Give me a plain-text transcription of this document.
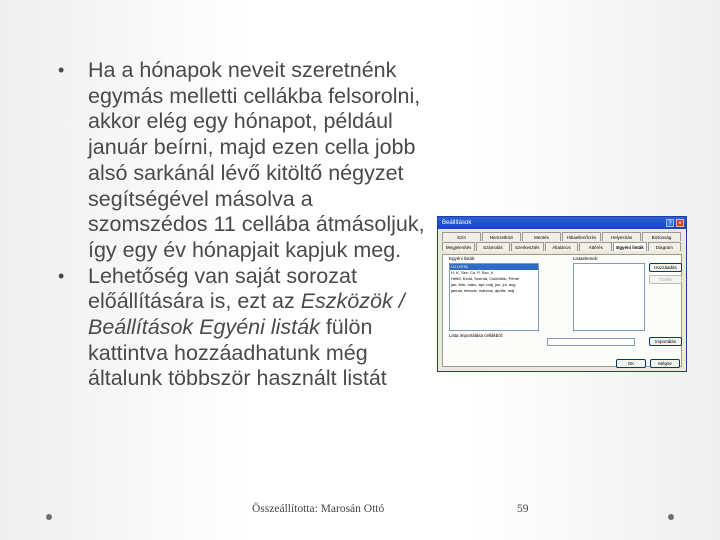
• Ha a hónapok neveit szeretnénk egymás melletti cellákba felsorolni, akkor elég egy hónapot, például január beírni, majd ezen cella jobb alsó sarkánál lévő kitöltő négyzet segítségével másolva a szomszédos 11 cellába átmásoljuk, így egy év hónapjait kapjuk meg.
• Lehetőség van saját sorozat előállítására is, ezt az Eszközök / Beállítások Egyéni listák fülön kattintva hozzáadhatunk még általunk többször használt listát
Beállítások	?	×
Szín	Nemzetközi	Mentés	Hibaellenőrzés	Helyesírás	Biztonság
Megjelenítés	Számolás	Szerkesztés	Általános	Áttérés	Egyéni listák	Diagram
Egyéni listák:	Listaelemek:
ÚJ LISTA
H, K, Sze, Cs, P, Szo, V
Hétfő, Kedd, Szerda, Csütörtök, Pénte
jan, febr, márc, ápr, máj, jún, júl, aug
január, február, március, április, máj
Hozzáadás
Törlés
Lista importálása cellákból:
Importálás
OK	Mégse
Összeállította: Marosán Ottó	59
